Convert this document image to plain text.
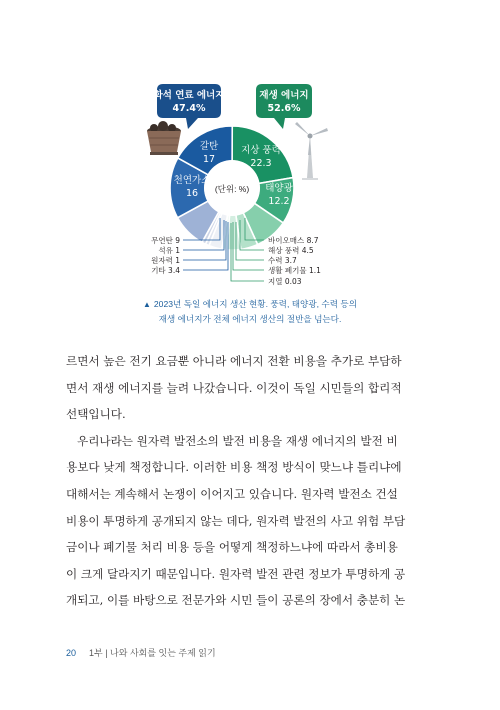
(단위: %)
화석 연료 에너지
47.4%
재생 에너지
52.6%
지상 풍력
22.3
태양광
12.2
갈탄
17
천연가스
16
바이오매스 8.7
해상 풍력 4.5
수력 3.7
생활 폐기물 1.1
지열 0.03
무연탄 9
석유 1
원자력 1
기타 3.4
▲ 2023년 독일 에너지 생산 현황. 풍력, 태양광, 수력 등의
재생 에너지가 전체 에너지 생산의 절반을 넘는다.

르면서 높은 전기 요금뿐 아니라 에너지 전환 비용을 추가로 부담하

면서 재생 에너지를 늘려 나갔습니다. 이것이 독일 시민들의 합리적

선택입니다.

우리나라는 원자력 발전소의 발전 비용을 재생 에너지의 발전 비

용보다 낮게 책정합니다. 이러한 비용 책정 방식이 맞느냐 틀리냐에

대해서는 계속해서 논쟁이 이어지고 있습니다. 원자력 발전소 건설

비용이 투명하게 공개되지 않는 데다, 원자력 발전의 사고 위험 부담

금이나 폐기물 처리 비용 등을 어떻게 책정하느냐에 따라서 총비용

이 크게 달라지기 때문입니다. 원자력 발전 관련 정보가 투명하게 공

개되고, 이를 바탕으로 전문가와 시민 들이 공론의 장에서 충분히 논

20 1부 | 나와 사회를 잇는 주제 읽기
